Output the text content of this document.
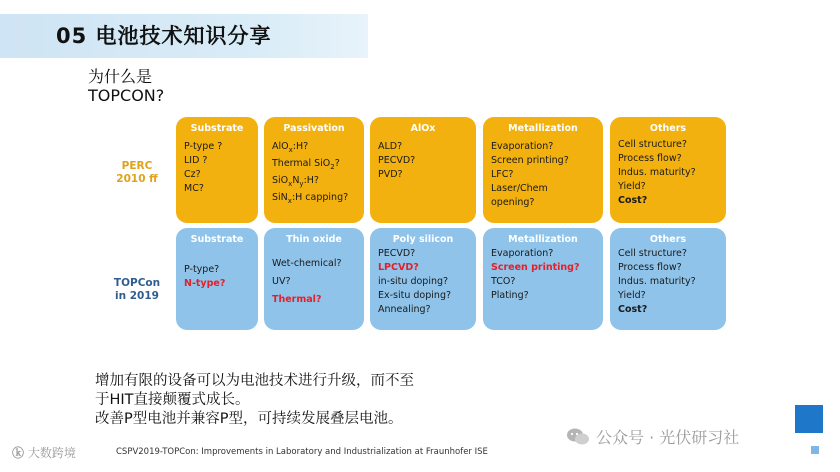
05 电池技术知识分享
为什么是
TOPCON?
PERC
2010 ff
TOPCon
in 2019
Substrate
P-type ?
LID ?
Cz?
MC?
Passivation
AlO$_x$:H?
Thermal SiO$_2$?
$SiO_xN_y:H$?
SiN$_x$:H capping?
AlOx
ALD?
PECVD?
PVD?
Metallization
Evaporation?
Screen printing?
LFC?
Laser/Chem
opening?
Others
Cell structure?
Process flow?
Indus. maturity?
Yield?
Cost?
Substrate
P-type?
N-type?
Thin oxide
Wet-chemical?
UV?
Thermal?
Poly silicon
PECVD?
LPCVD?
in-situ doping?
Ex-situ doping?
Annealing?
Metallization
Evaporation?
Screen printing?
TCO?
Plating?
Others
Cell structure?
Process flow?
Indus. maturity?
Yield?
Cost?
增加有限的设备可以为电池技术进行升级，而不至
于HIT直接颠覆式成长。
改善P型电池并兼容P型，可持续发展叠层电池。
ⓚ 大数跨境	CSPV2019-TOPCon: Improvements in Laboratory and Industrialization at Fraunhofer ISE
公众号 · 光伏研习社
